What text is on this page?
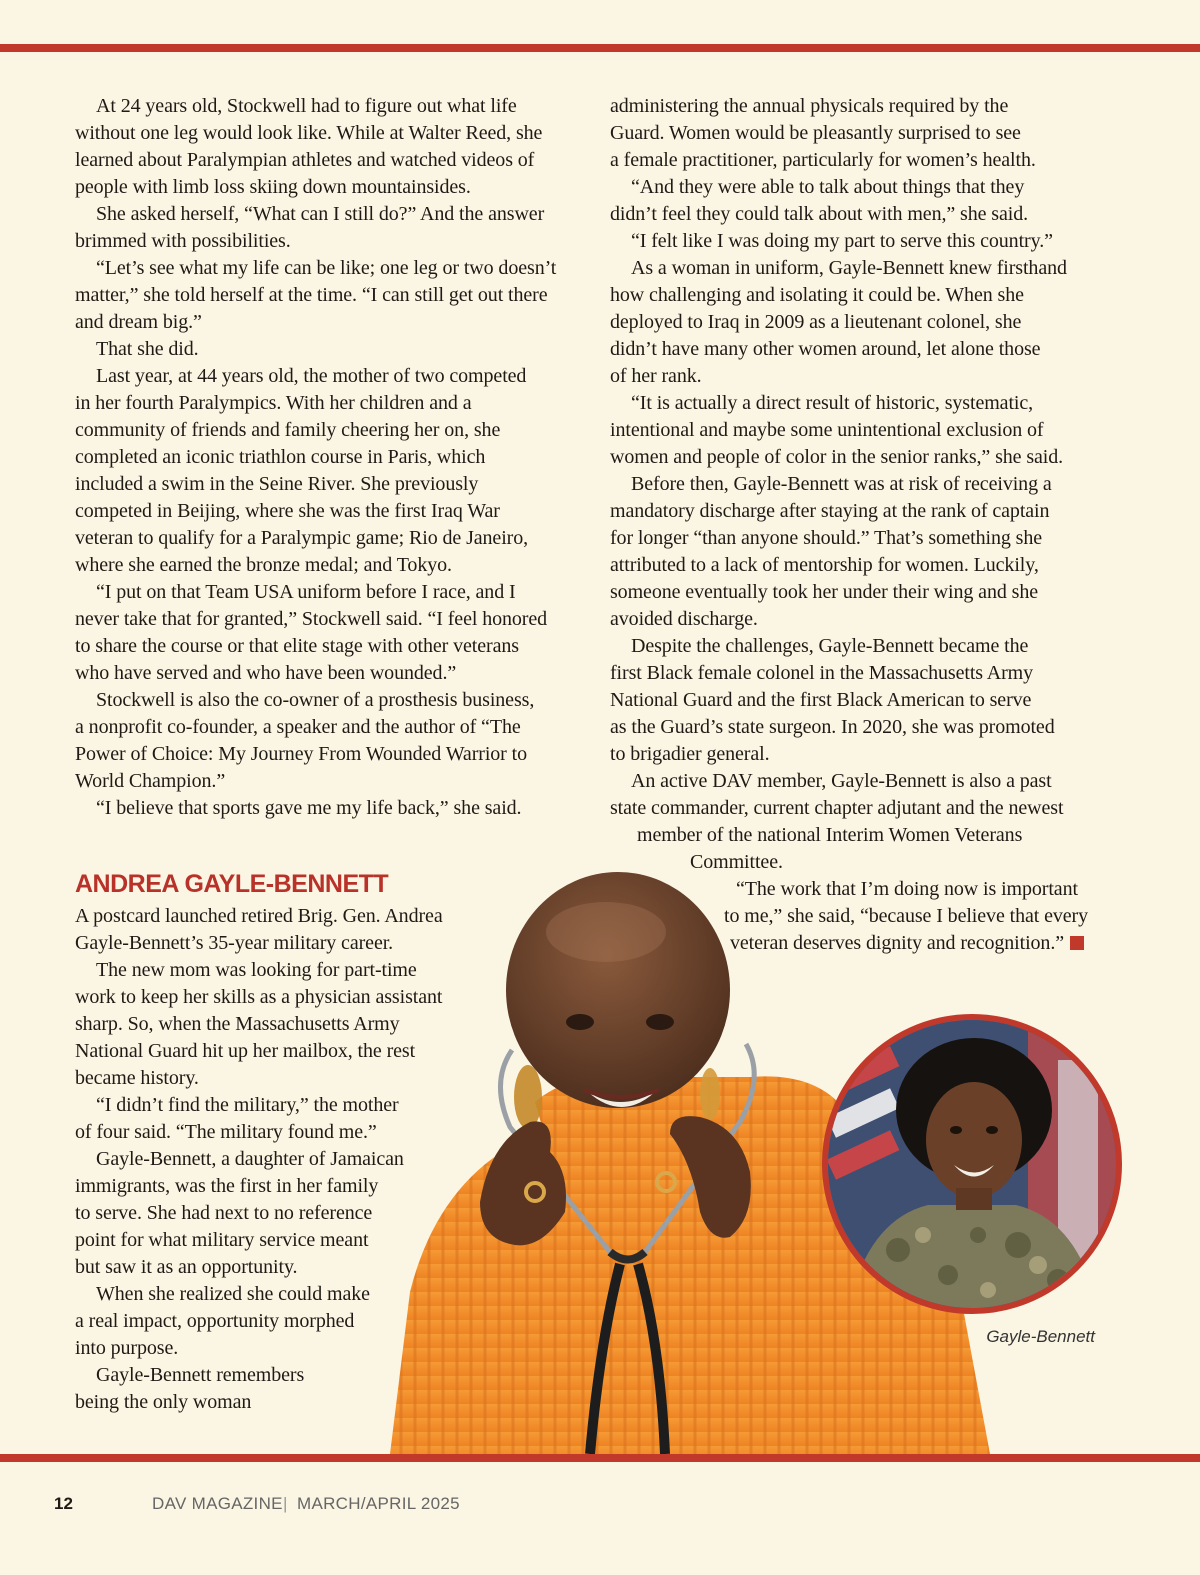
At 24 years old, Stockwell had to figure out what life

without one leg would look like. While at Walter Reed, she

learned about Paralympian athletes and watched videos of

people with limb loss skiing down mountainsides.

She asked herself, “What can I still do?” And the answer

brimmed with possibilities.

“Let’s see what my life can be like; one leg or two doesn’t

matter,” she told herself at the time. “I can still get out there

and dream big.”

That she did.

Last year, at 44 years old, the mother of two competed

in her fourth Paralympics. With her children and a

community of friends and family cheering her on, she

completed an iconic triathlon course in Paris, which

included a swim in the Seine River. She previously

competed in Beijing, where she was the first Iraq War

veteran to qualify for a Paralympic game; Rio de Janeiro,

where she earned the bronze medal; and Tokyo.

“I put on that Team USA uniform before I race, and I

never take that for granted,” Stockwell said. “I feel honored

to share the course or that elite stage with other veterans

who have served and who have been wounded.”

Stockwell is also the co-owner of a prosthesis business,

a nonprofit co-founder, a speaker and the author of “The

Power of Choice: My Journey From Wounded Warrior to

World Champion.”

“I believe that sports gave me my life back,” she said.

administering the annual physicals required by the

Guard. Women would be pleasantly surprised to see

a female practitioner, particularly for women’s health.

“And they were able to talk about things that they

didn’t feel they could talk about with men,” she said.

“I felt like I was doing my part to serve this country.”

As a woman in uniform, Gayle-Bennett knew firsthand

how challenging and isolating it could be. When she

deployed to Iraq in 2009 as a lieutenant colonel, she

didn’t have many other women around, let alone those

of her rank.

“It is actually a direct result of historic, systematic,

intentional and maybe some unintentional exclusion of

women and people of color in the senior ranks,” she said.

Before then, Gayle-Bennett was at risk of receiving a

mandatory discharge after staying at the rank of captain

for longer “than anyone should.” That’s something she

attributed to a lack of mentorship for women. Luckily,

someone eventually took her under their wing and she

avoided discharge.

Despite the challenges, Gayle-Bennett became the

first Black female colonel in the Massachusetts Army

National Guard and the first Black American to serve

as the Guard’s state surgeon. In 2020, she was promoted

to brigadier general.

An active DAV member, Gayle-Bennett is also a past

state commander, current chapter adjutant and the newest

member of the national Interim Women Veterans

Committee.

“The work that I’m doing now is important

to me,” she said, “because I believe that every

veteran deserves dignity and recognition.”

ANDREA GAYLE-BENNETT

A postcard launched retired Brig. Gen. Andrea

Gayle-Bennett’s 35-year military career.

The new mom was looking for part-time

work to keep her skills as a physician assistant

sharp. So, when the Massachusetts Army

National Guard hit up her mailbox, the rest

became history.

“I didn’t find the military,” the mother

of four said. “The military found me.”

Gayle-Bennett, a daughter of Jamaican

immigrants, was the first in her family

to serve. She had next to no reference

point for what military service meant

but saw it as an opportunity.

When she realized she could make

a real impact, opportunity morphed

into purpose.

Gayle-Bennett remembers

being the only woman

Gayle-Bennett
12	DAV MAGAZINE | MARCH/APRIL 2025
